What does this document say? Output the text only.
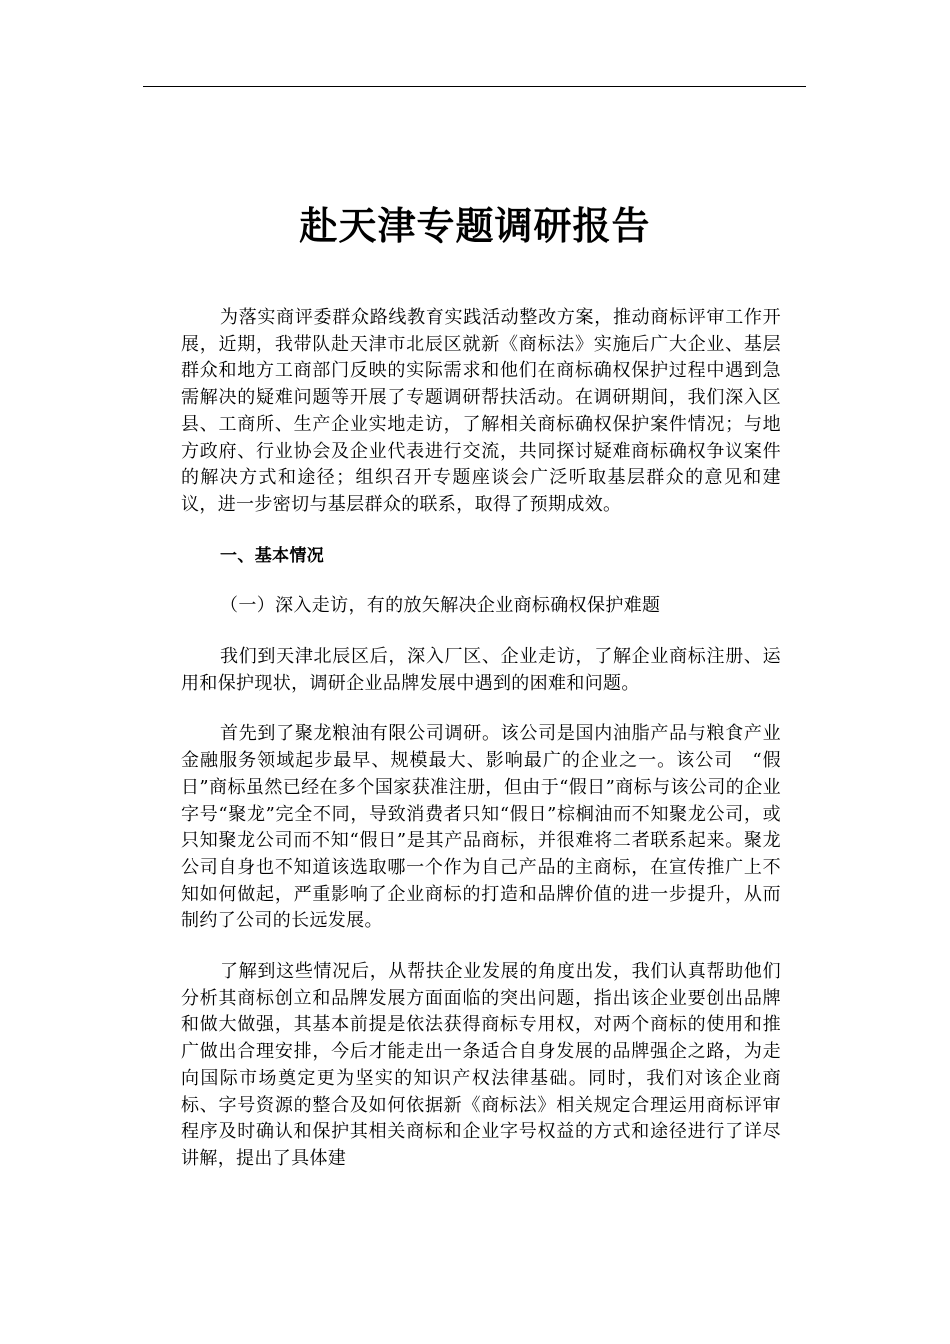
赴天津专题调研报告

为落实商评委群众路线教育实践活动整改方案，推动商标评审工作开展，近期，我带队赴天津市北辰区就新《商标法》实施后广大企业、基层群众和地方工商部门反映的实际需求和他们在商标确权保护过程中遇到急需解决的疑难问题等开展了专题调研帮扶活动。在调研期间，我们深入区县、工商所、生产企业实地走访，了解相关商标确权保护案件情况；与地方政府、行业协会及企业代表进行交流，共同探讨疑难商标确权争议案件的解决方式和途径；组织召开专题座谈会广泛听取基层群众的意见和建议，进一步密切与基层群众的联系，取得了预期成效。

一、基本情况

（一）深入走访，有的放矢解决企业商标确权保护难题

我们到天津北辰区后，深入厂区、企业走访，了解企业商标注册、运用和保护现状，调研企业品牌发展中遇到的困难和问题。

首先到了聚龙粮油有限公司调研。该公司是国内油脂产品与粮食产业金融服务领域起步最早、规模最大、影响最广的企业之一。该公司　“假日”商标虽然已经在多个国家获准注册，但由于“假日”商标与该公司的企业字号“聚龙”完全不同，导致消费者只知“假日”棕榈油而不知聚龙公司，或只知聚龙公司而不知“假日”是其产品商标，并很难将二者联系起来。聚龙公司自身也不知道该选取哪一个作为自己产品的主商标，在宣传推广上不知如何做起，严重影响了企业商标的打造和品牌价值的进一步提升，从而制约了公司的长远发展。

了解到这些情况后，从帮扶企业发展的角度出发，我们认真帮助他们分析其商标创立和品牌发展方面面临的突出问题，指出该企业要创出品牌和做大做强，其基本前提是依法获得商标专用权，对两个商标的使用和推广做出合理安排，今后才能走出一条适合自身发展的品牌强企之路，为走向国际市场奠定更为坚实的知识产权法律基础。同时，我们对该企业商标、字号资源的整合及如何依据新《商标法》相关规定合理运用商标评审程序及时确认和保护其相关商标和企业字号权益的方式和途径进行了详尽讲解，提出了具体建
